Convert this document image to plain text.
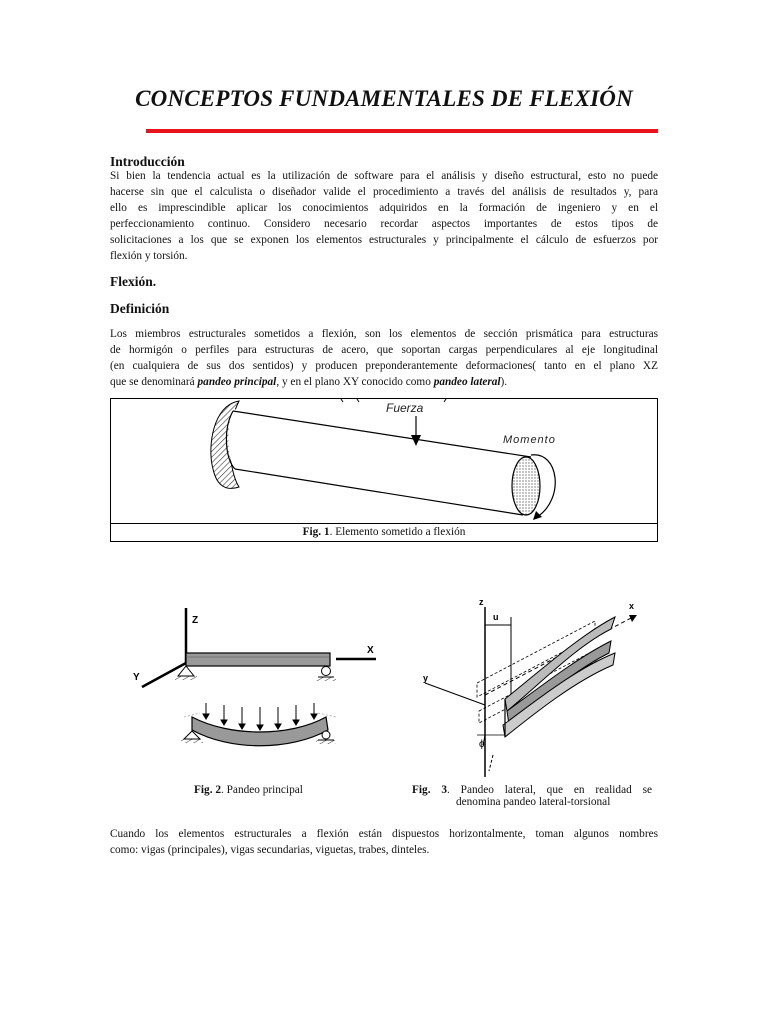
CONCEPTOS FUNDAMENTALES DE FLEXIÓN
Introducción
Si bien la tendencia actual es la utilización de software para el análisis y diseño estructural, esto no puede
hacerse sin que el calculista o diseñador valide el procedimiento a través del análisis de resultados y, para
ello es imprescindible aplicar los conocimientos adquiridos en la formación de ingeniero y en el
perfeccionamiento continuo. Considero necesario recordar aspectos importantes de estos tipos de
solicitaciones a los que se exponen los elementos estructurales y principalmente el cálculo de esfuerzos por
flexión y torsión.
Flexión.
Definición
Los miembros estructurales sometidos a flexión, son los elementos de sección prismática para estructuras
de hormigón o perfiles para estructuras de acero, que soportan cargas perpendiculares al eje longitudinal
(en cualquiera de sus dos sentidos) y producen preponderantemente deformaciones( tanto en el plano XZ
que se denominará pandeo principal, y en el plano XY conocido como pandeo lateral).
Fuerza
Momento
Fig. 1. Elemento sometido a flexión
Z
Y
X
Fig. 2. Pandeo principal
z	x
y
u
ϕ
Fig. 3. Pandeo lateral, que en realidad se
denomina pandeo lateral-torsional
Cuando los elementos estructurales a flexión están dispuestos horizontalmente, toman algunos nombres
como: vigas (principales), vigas secundarias, viguetas, trabes, dinteles.
